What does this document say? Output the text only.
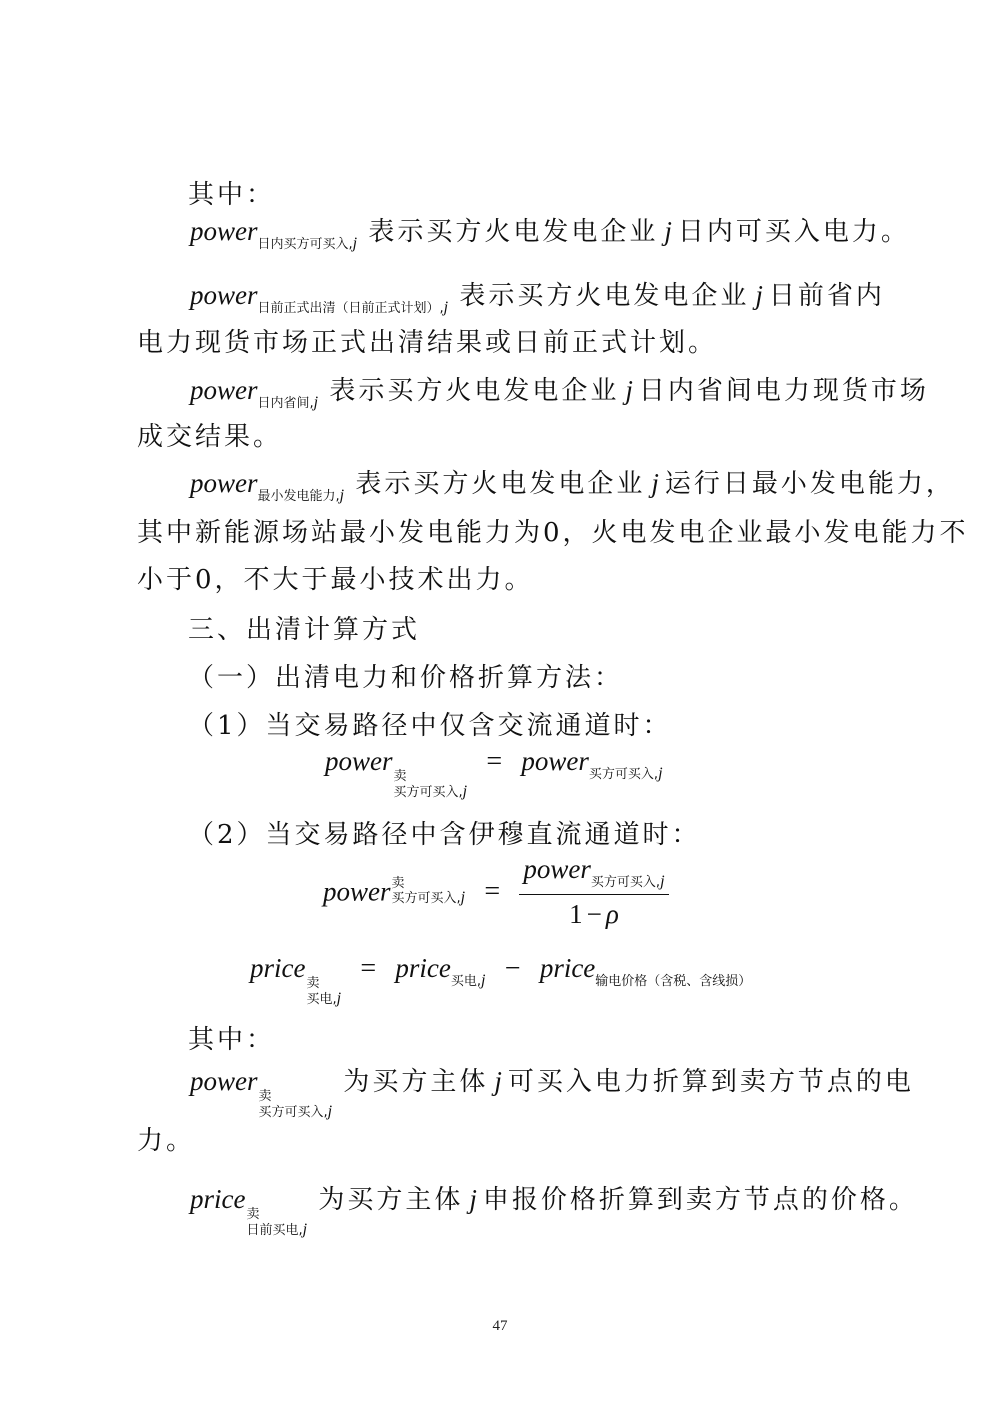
其中：
power日内买方可买入,j 表示买方火电发电企业 j 日内可买入电力。
power日前正式出清（日前正式计划）,j 表示买方火电发电企业 j 日前省内
电力现货市场正式出清结果或日前正式计划。
power日内省间,j 表示买方火电发电企业 j 日内省间电力现货市场
成交结果。
power最小发电能力,j 表示买方火电发电企业 j 运行日最小发电能力，
其中新能源场站最小发电能力为0，火电发电企业最小发电能力不
小于0，不大于最小技术出力。
三、出清计算方式
（一）出清电力和价格折算方法：
（1）当交易路径中仅含交流通道时：
power
卖
买方可买入,j
= power买方可买入,j
（2）当交易路径中含伊穆直流通道时：
power 卖
买方可买入$,j = \frac{\text{power买方可买入,j}}{1 - \rho}$
price
卖
买电,j
= price买电,j − price输电价格（含税、含线损）
其中：
power
卖
买方可买入,j
为买方主体 j 可买入电力折算到卖方节点的电
力。
price
卖
日前买电,j
为买方主体 j 申报价格折算到卖方节点的价格。
47
